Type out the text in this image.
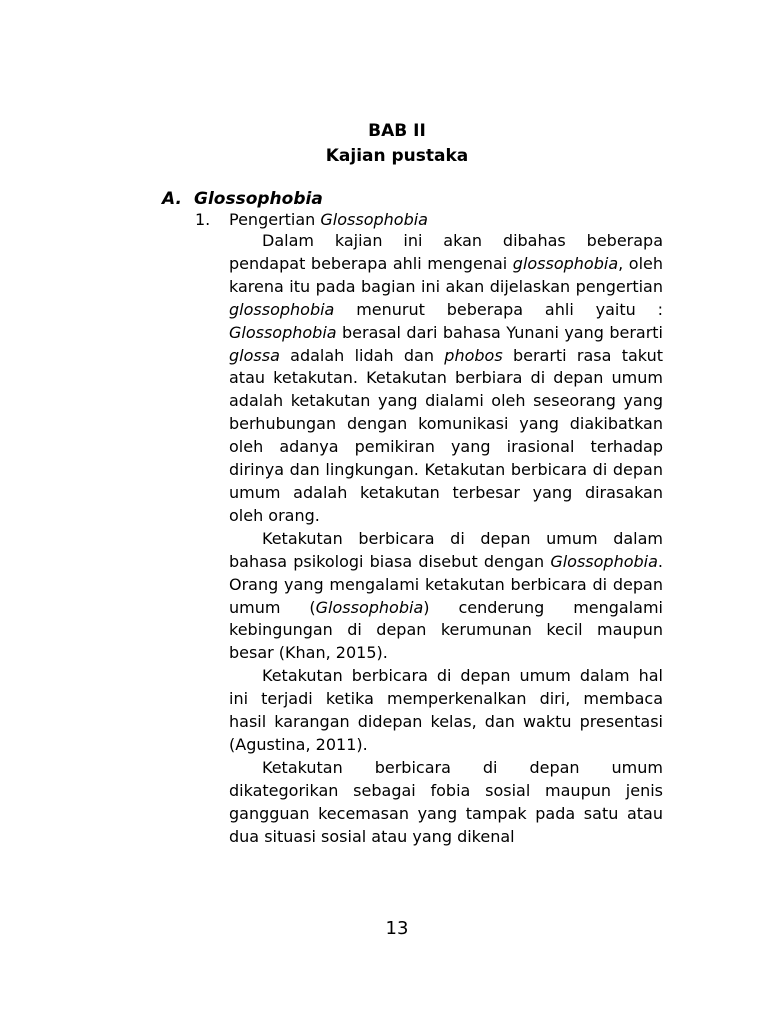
BAB II
Kajian pustaka
A. Glossophobia
1. Pengertian Glossophobia

Dalam kajian ini akan dibahas beberapa pendapat beberapa ahli mengenai glossophobia, oleh karena itu pada bagian ini akan dijelaskan pengertian glossophobia menurut beberapa ahli yaitu : Glossophobia berasal dari bahasa Yunani yang berarti glossa adalah lidah dan phobos berarti rasa takut atau ketakutan. Ketakutan berbiara di depan umum adalah ketakutan yang dialami oleh seseorang yang berhubungan dengan komunikasi yang diakibatkan oleh adanya pemikiran yang irasional terhadap dirinya dan lingkungan. Ketakutan berbicara di depan umum adalah ketakutan terbesar yang dirasakan oleh orang.

Ketakutan berbicara di depan umum dalam bahasa psikologi biasa disebut dengan Glossophobia. Orang yang mengalami ketakutan berbicara di depan umum (Glossophobia) cenderung mengalami kebingungan di depan kerumunan kecil maupun besar (Khan, 2015).

Ketakutan berbicara di depan umum dalam hal ini terjadi ketika memperkenalkan diri, membaca hasil karangan didepan kelas, dan waktu presentasi (Agustina, 2011).

Ketakutan berbicara di depan umum dikategorikan sebagai fobia sosial maupun jenis gangguan kecemasan yang tampak pada satu atau dua situasi sosial atau yang dikenal

13
